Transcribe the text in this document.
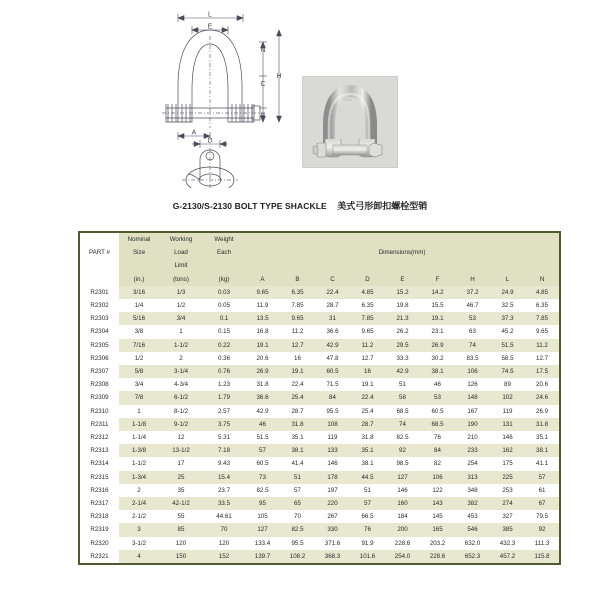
L
E
A
N
C
B
H
D
4 1/2
G-2130
G-2130/S-2130 BOLT TYPE SHACKLE 美式弓形卸扣螺栓型销
PART #	Nominal	Working	Weight	Dimensions(mm)								
	Size	Load	Each									
		Limit										
	(in.)	(tons)	(kg)	A	B	C	D	E	F	H	L	N
R2301	3/16	1/3	0.03	9.65	6.35	22.4	4.85	15.2	14.2	37.2	24.9	4.85
R2302	1/4	1/2	0.05	11.9	7.85	28.7	6.35	19.8	15.5	46.7	32.5	6.35
R2303	5/16	3/4	0.1	13.5	9.65	31	7.85	21.3	19.1	53	37.3	7.85
R2304	3/8	1	0.15	16.8	11.2	36.6	9.65	26.2	23.1	63	45.2	9.65
R2305	7/16	1-1/2	0.22	19.1	12.7	42.9	11.2	29.5	26.9	74	51.5	11.2
R2306	1/2	2	0.36	20.6	16	47.8	12.7	33.3	30.2	83.5	58.5	12.7
R2307	5/8	3-1/4	0.76	26.9	19.1	60.5	16	42.9	38.1	106	74.5	17.5
R2308	3/4	4-3/4	1.23	31.8	22.4	71.5	19.1	51	46	126	89	20.6
R2309	7/8	6-1/2	1.79	36.6	25.4	84	22.4	58	53	148	102	24.6
R2310	1	8-1/2	2.57	42.9	28.7	95.5	25.4	68.5	60.5	167	119	26.9
R2311	1-1/8	9-1/2	3.75	46	31.8	108	28.7	74	68.5	190	131	31.8
R2312	1-1/4	12	5.31	51.5	35.1	119	31.8	82.5	76	210	146	35.1
R2313	1-3/8	13-1/2	7.18	57	38.1	133	35.1	92	84	233	162	38.1
R2314	1-1/2	17	9.43	60.5	41.4	146	38.1	98.5	82	254	175	41.1
R2315	1-3/4	25	15.4	73	51	178	44.5	127	106	313	225	57
R2316	2	35	23.7	82.5	57	197	51	146	122	348	253	61
R2317	2-1/4	42-1/2	33.5	95	65	220	57	160	143	382	274	67
R2318	2-1/2	55	44.61	105	70	267	66.5	184	145	453	327	79.5
R2319	3	85	70	127	82.5	330	76	200	165	546	385	92
R2320	3-1/2	120	120	133.4	95.5	371.6	91.9	228.6	203.2	632.0	432.3	111.3
R2321	4	150	152	139.7	108.2	368.3	101.6	254.0	228.6	652.3	457.2	115.8
